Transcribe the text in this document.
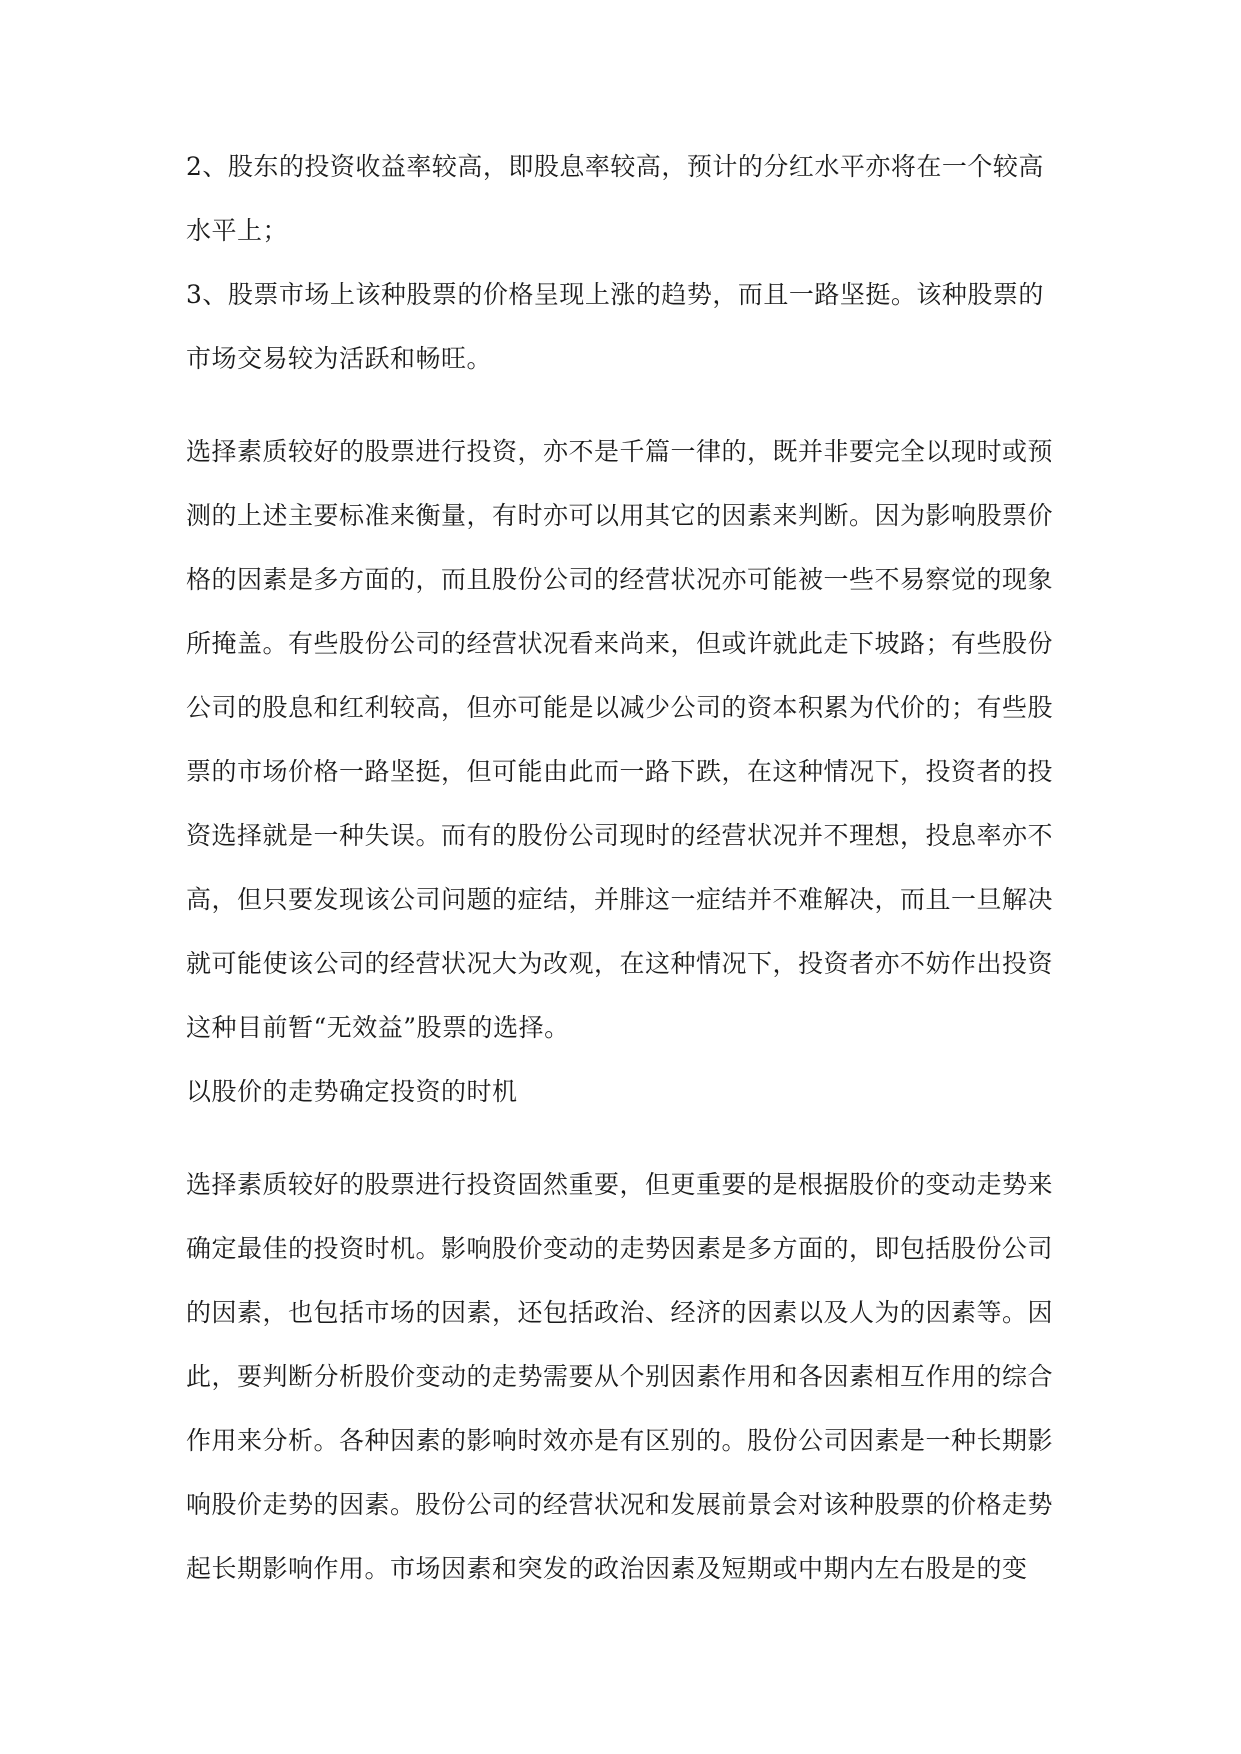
2、股东的投资收益率较高，即股息率较高，预计的分红水平亦将在一个较高

水平上；

3、股票市场上该种股票的价格呈现上涨的趋势，而且一路坚挺。该种股票的

市场交易较为活跃和畅旺。

选择素质较好的股票进行投资，亦不是千篇一律的，既并非要完全以现时或预

测的上述主要标准来衡量，有时亦可以用其它的因素来判断。因为影响股票价

格的因素是多方面的，而且股份公司的经营状况亦可能被一些不易察觉的现象

所掩盖。有些股份公司的经营状况看来尚来，但或许就此走下坡路；有些股份

公司的股息和红利较高，但亦可能是以减少公司的资本积累为代价的；有些股

票的市场价格一路坚挺，但可能由此而一路下跌，在这种情况下，投资者的投

资选择就是一种失误。而有的股份公司现时的经营状况并不理想，投息率亦不

高，但只要发现该公司问题的症结，并腓这一症结并不难解决，而且一旦解决

就可能使该公司的经营状况大为改观，在这种情况下，投资者亦不妨作出投资

这种目前暂“无效益”股票的选择。

以股价的走势确定投资的时机

选择素质较好的股票进行投资固然重要，但更重要的是根据股价的变动走势来

确定最佳的投资时机。影响股价变动的走势因素是多方面的，即包括股份公司

的因素，也包括市场的因素，还包括政治、经济的因素以及人为的因素等。因

此，要判断分析股价变动的走势需要从个别因素作用和各因素相互作用的综合

作用来分析。各种因素的影响时效亦是有区别的。股份公司因素是一种长期影

响股价走势的因素。股份公司的经营状况和发展前景会对该种股票的价格走势

起长期影响作用。市场因素和突发的政治因素及短期或中期内左右股是的变
